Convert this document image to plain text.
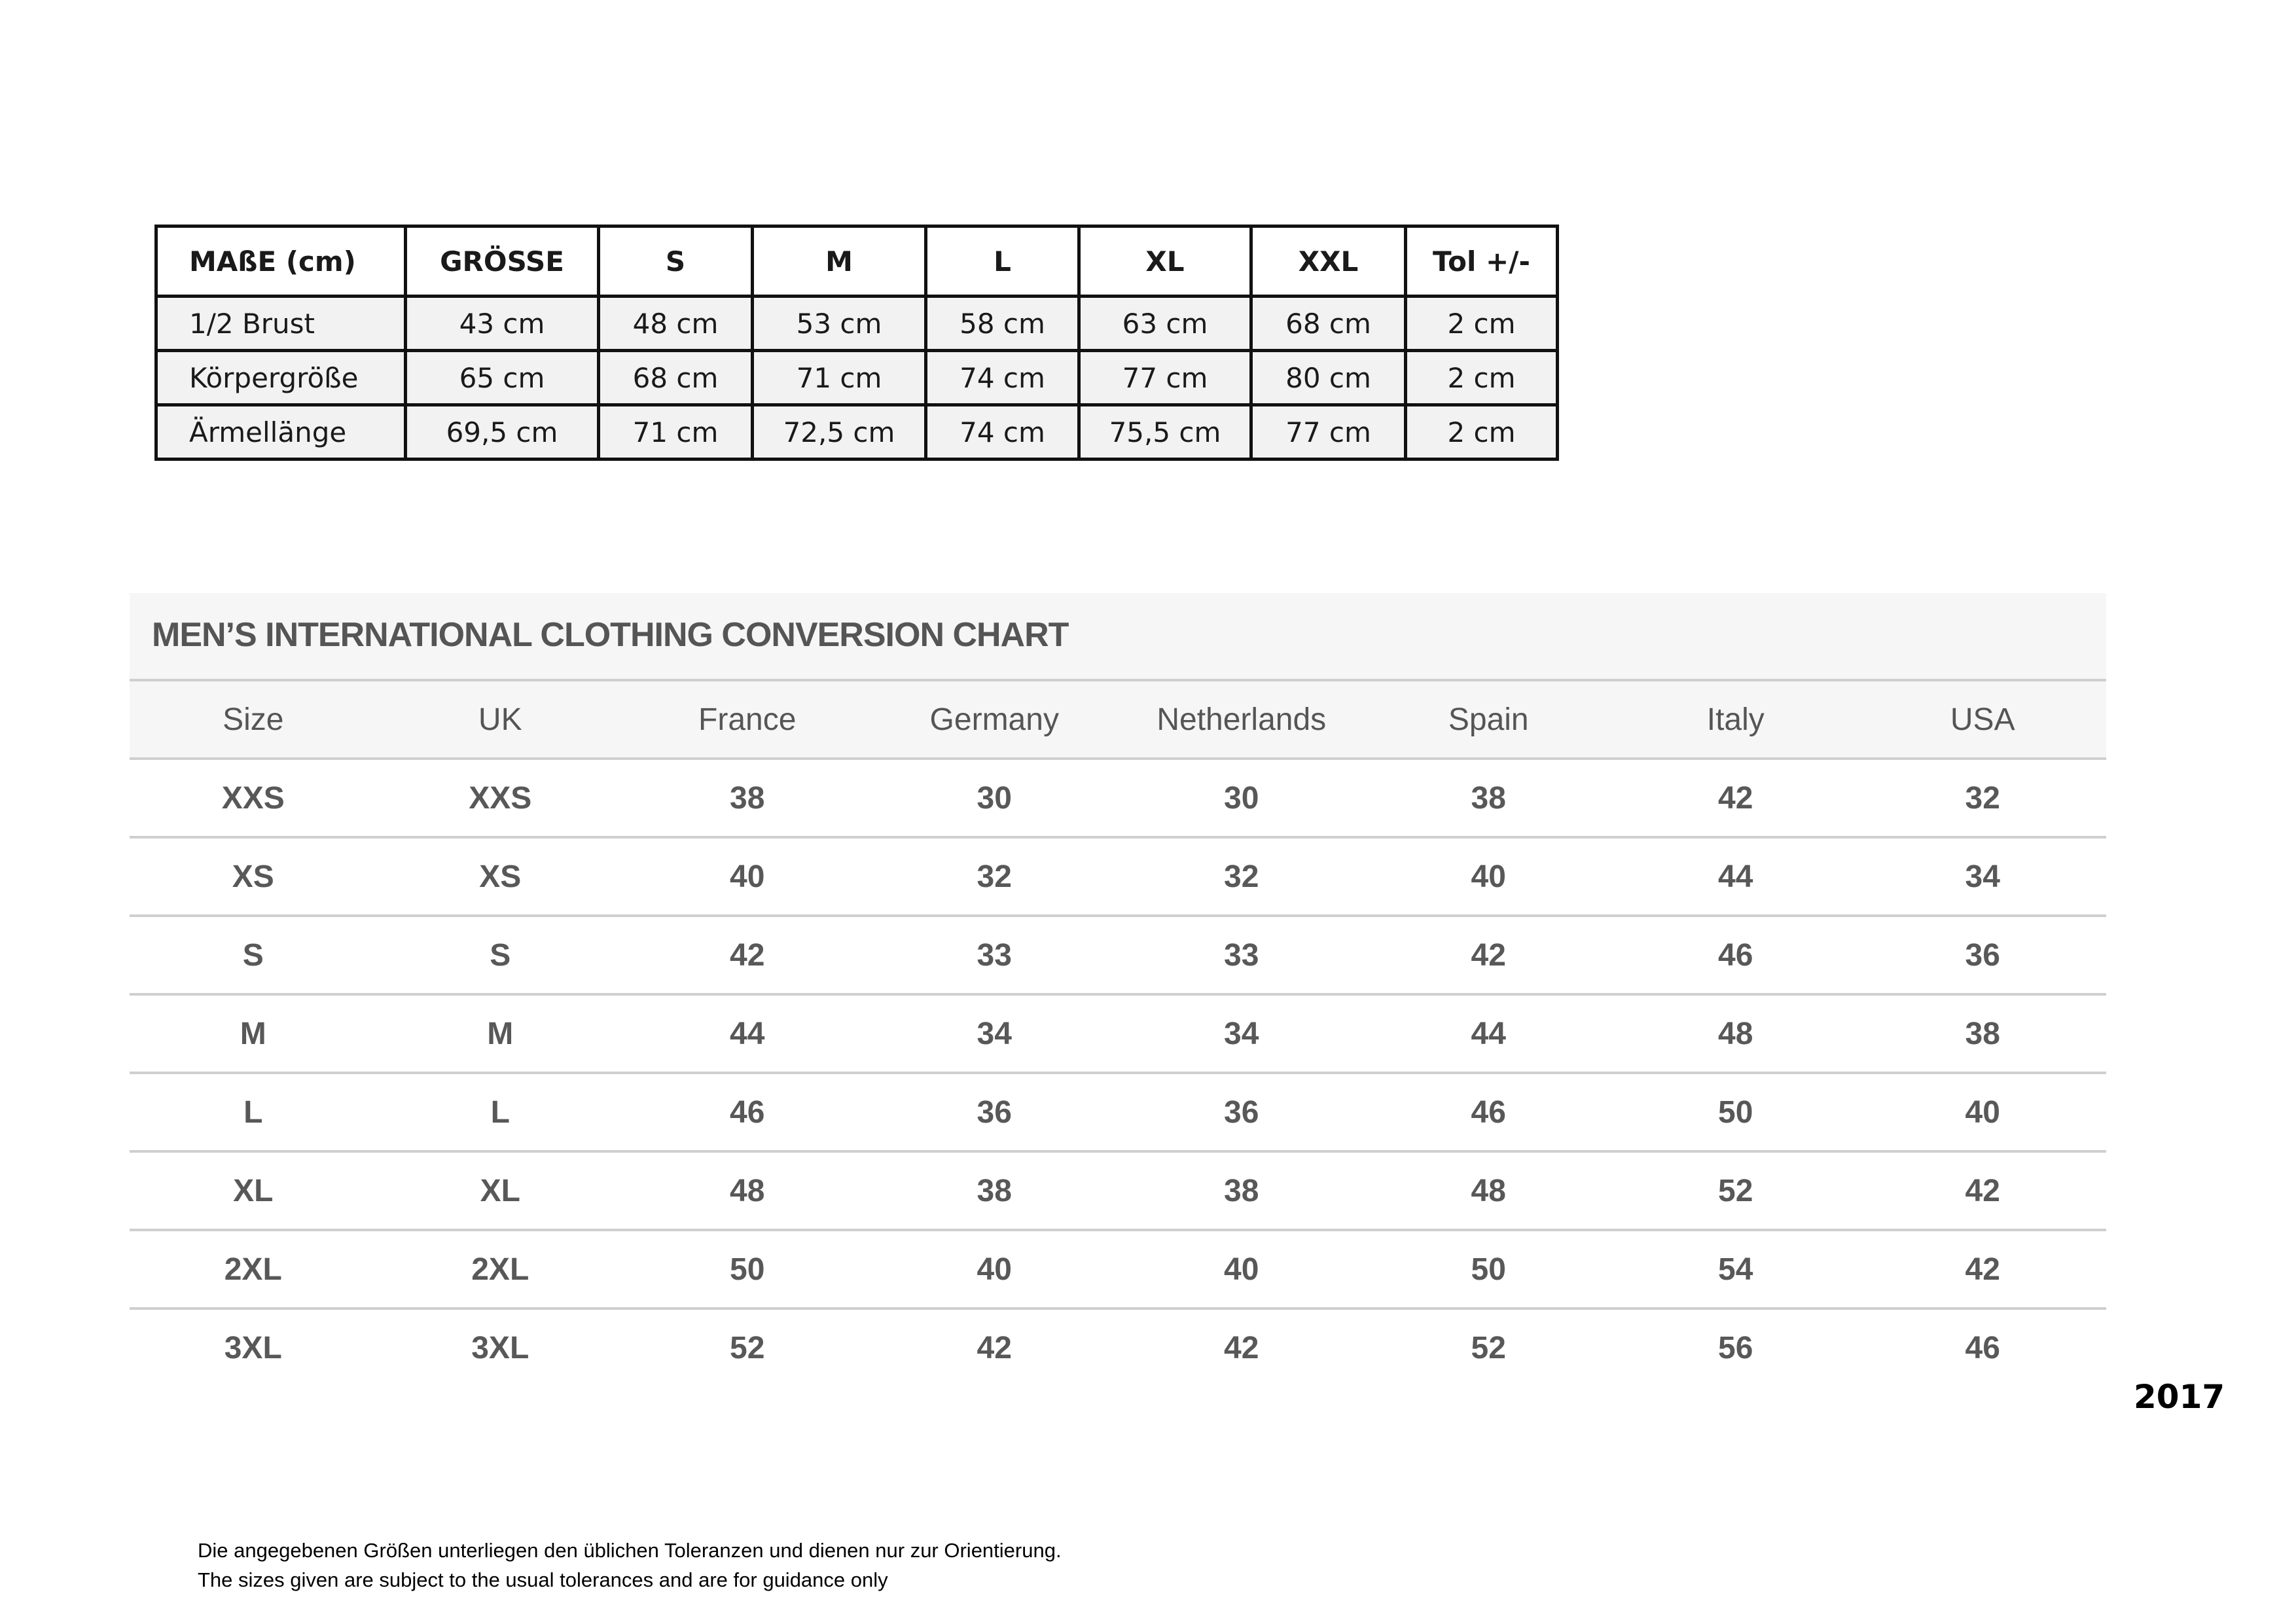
MAßE (cm)	GRÖSSE	S	M	L	XL	XXL	Tol +/-
1/2 Brust	43 cm	48 cm	53 cm	58 cm	63 cm	68 cm	2 cm
Körpergröße	65 cm	68 cm	71 cm	74 cm	77 cm	80 cm	2 cm
Ärmellänge	69,5 cm	71 cm	72,5 cm	74 cm	75,5 cm	77 cm	2 cm
MEN’S INTERNATIONAL CLOTHING CONVERSION CHART
Size	UK	France	Germany	Netherlands	Spain	Italy	USA
XXS	XXS	38	30	30	38	42	32
XS	XS	40	32	32	40	44	34
S	S	42	33	33	42	46	36
M	M	44	34	34	44	48	38
L	L	46	36	36	46	50	40
XL	XL	48	38	38	48	52	42
2XL	2XL	50	40	40	50	54	42
3XL	3XL	52	42	42	52	56	46
2017
Die angegebenen Größen unterliegen den üblichen Toleranzen und dienen nur zur Orientierung.
The sizes given are subject to the usual tolerances and are for guidance only
